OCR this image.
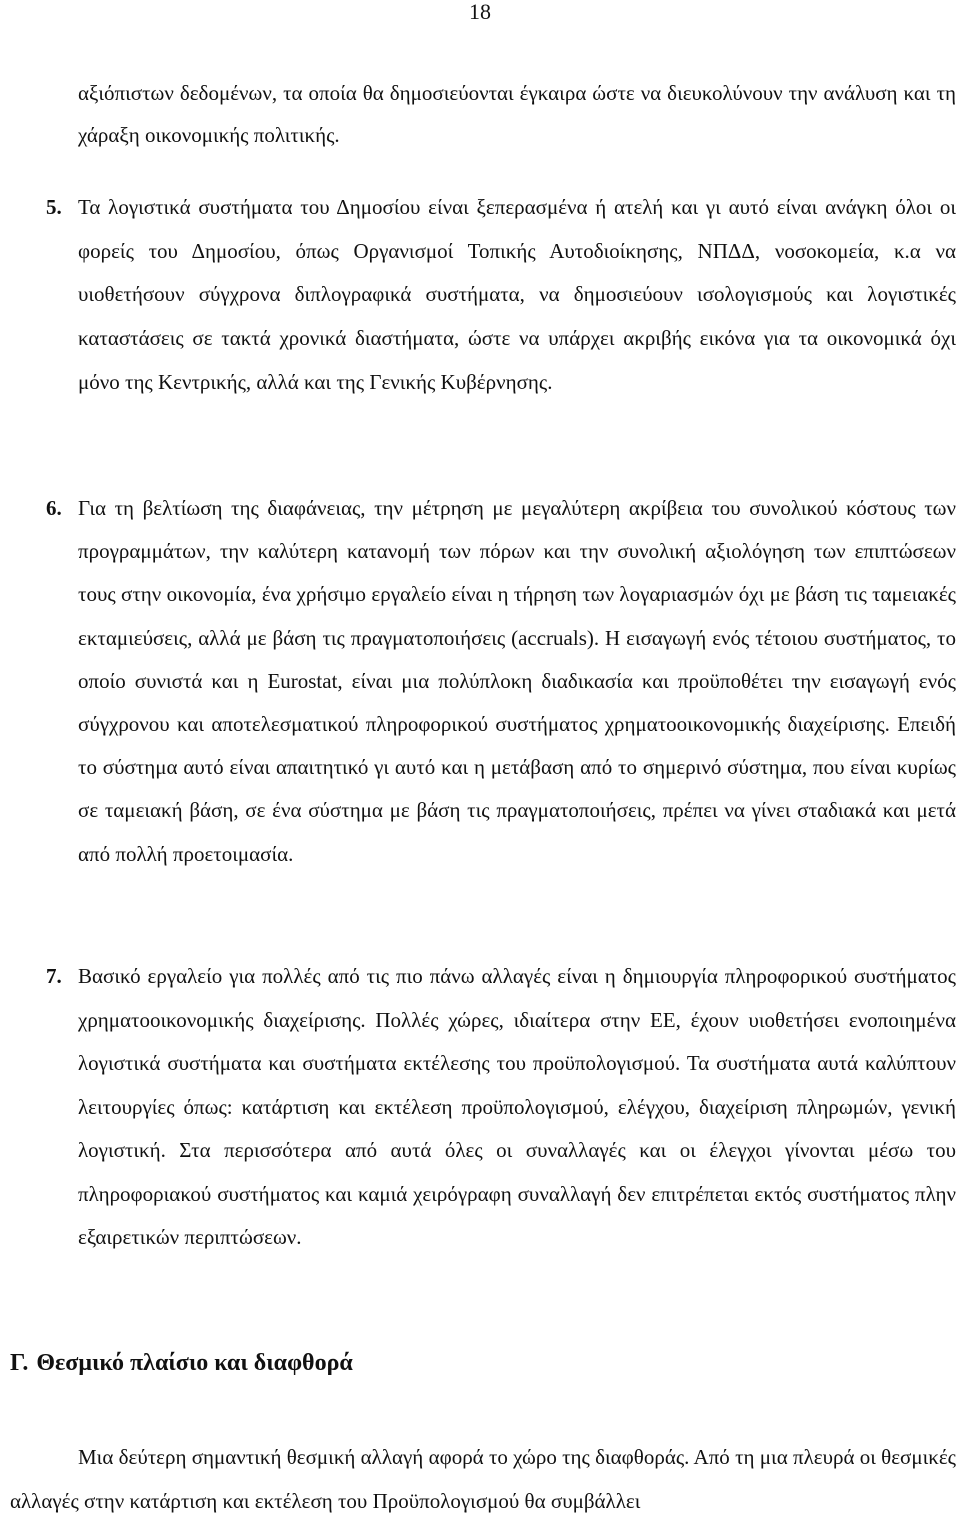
18

αξιόπιστων δεδομένων, τα οποία θα δημοσιεύονται έγκαιρα ώστε να διευκολύνουν την ανάλυση και τη χάραξη οικονομικής πολιτικής.

5. Τα λογιστικά συστήματα του Δημοσίου είναι ξεπερασμένα ή ατελή και γι αυτό είναι ανάγκη όλοι οι φορείς του Δημοσίου, όπως Οργανισμοί Τοπικής Αυτοδιοίκησης, ΝΠΔΔ, νοσοκομεία, κ.α να υιοθετήσουν σύγχρονα διπλογραφικά συστήματα, να δημοσιεύουν ισολογισμούς και λογιστικές καταστάσεις σε τακτά χρονικά διαστήματα, ώστε να υπάρχει ακριβής εικόνα για τα οικονομικά όχι μόνο της Κεντρικής, αλλά και της Γενικής Κυβέρνησης.

6. Για τη βελτίωση της διαφάνειας, την μέτρηση με μεγαλύτερη ακρίβεια του συνολικού κόστους των προγραμμάτων, την καλύτερη κατανομή των πόρων και την συνολική αξιολόγηση των επιπτώσεων τους στην οικονομία, ένα χρήσιμο εργαλείο είναι η τήρηση των λογαριασμών όχι με βάση τις ταμειακές εκταμιεύσεις, αλλά με βάση τις πραγματοποιήσεις (accruals). Η εισαγωγή ενός τέτοιου συστήματος, το οποίο συνιστά και η Eurostat, είναι μια πολύπλοκη διαδικασία και προϋποθέτει την εισαγωγή ενός σύγχρονου και αποτελεσματικού πληροφορικού συστήματος χρηματοοικονομικής διαχείρισης. Επειδή το σύστημα αυτό είναι απαιτητικό γι αυτό και η μετάβαση από το σημερινό σύστημα, που είναι κυρίως σε ταμειακή βάση, σε ένα σύστημα με βάση τις πραγματοποιήσεις, πρέπει να γίνει σταδιακά και μετά από πολλή προετοιμασία.

7. Βασικό εργαλείο για πολλές από τις πιο πάνω αλλαγές είναι η δημιουργία πληροφορικού συστήματος χρηματοοικονομικής διαχείρισης. Πολλές χώρες, ιδιαίτερα στην ΕΕ, έχουν υιοθετήσει ενοποιημένα λογιστικά συστήματα και συστήματα εκτέλεσης του προϋπολογισμού. Τα συστήματα αυτά καλύπτουν λειτουργίες όπως: κατάρτιση και εκτέλεση προϋπολογισμού, ελέγχου, διαχείριση πληρωμών, γενική λογιστική. Στα περισσότερα από αυτά όλες οι συναλλαγές και οι έλεγχοι γίνονται μέσω του πληροφοριακού συστήματος και καμιά χειρόγραφη συναλλαγή δεν επιτρέπεται εκτός συστήματος πλην εξαιρετικών περιπτώσεων.

Γ. Θεσμικό πλαίσιο και διαφθορά

Μια δεύτερη σημαντική θεσμική αλλαγή αφορά το χώρο της διαφθοράς. Από τη μια πλευρά οι θεσμικές αλλαγές στην κατάρτιση και εκτέλεση του Προϋπολογισμού θα συμβάλλει
